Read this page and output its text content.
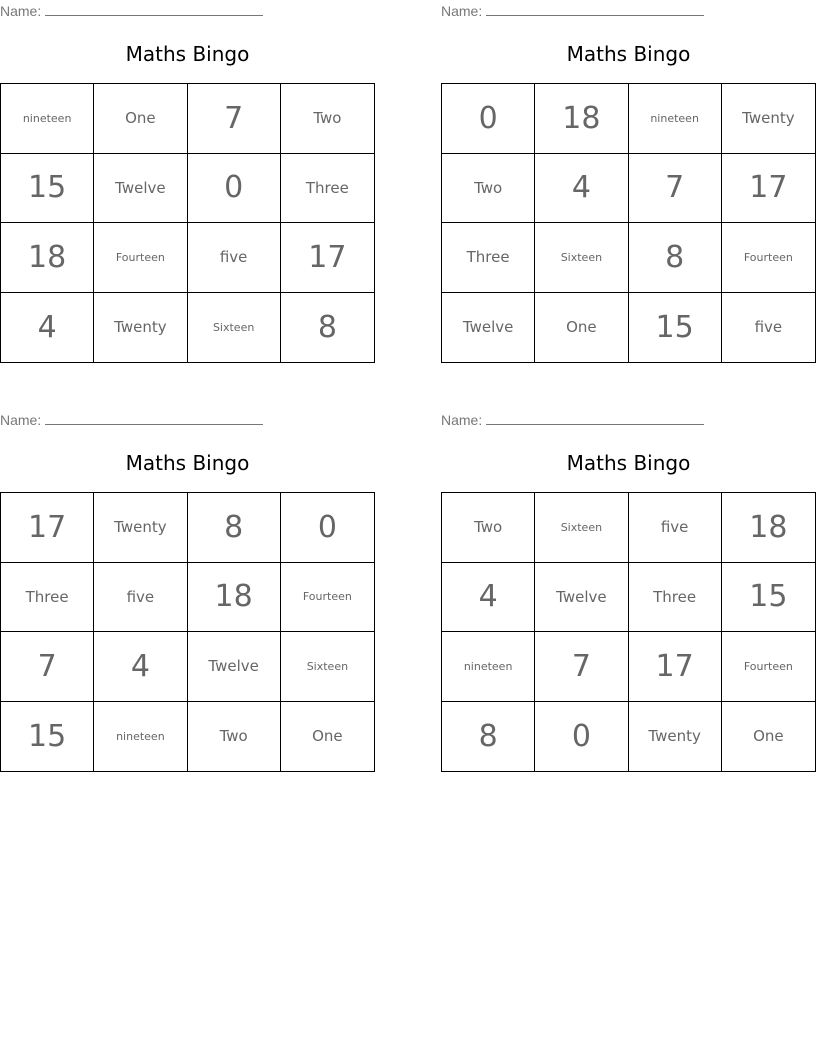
Name:
Maths Bingo
nineteen	One	7	Two
15	Twelve	0	Three
18	Fourteen	five	17
4	Twenty	Sixteen	8
Name:
Maths Bingo
0	18	nineteen	Twenty
Two	4	7	17
Three	Sixteen	8	Fourteen
Twelve	One	15	five
Name:
Maths Bingo
17	Twenty	8	0
Three	five	18	Fourteen
7	4	Twelve	Sixteen
15	nineteen	Two	One
Name:
Maths Bingo
Two	Sixteen	five	18
4	Twelve	Three	15
nineteen	7	17	Fourteen
8	0	Twenty	One
